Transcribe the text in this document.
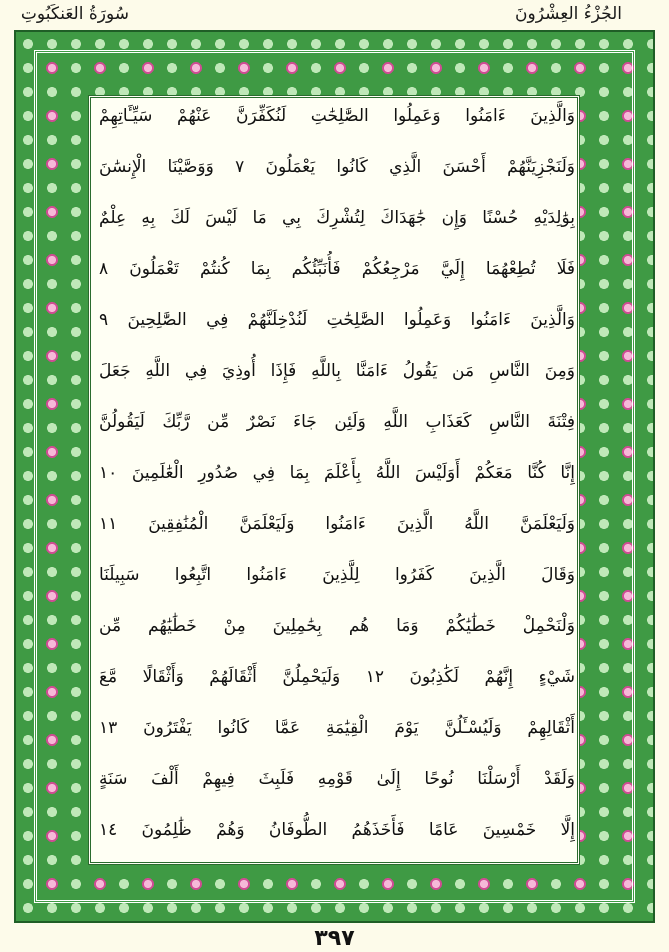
الجُزْءُ العِشْرُونَ
سُورَةُ العَنكَبُوتِ
وَالَّذِينَ ءَامَنُوا وَعَمِلُوا الصَّٰلِحَٰتِ لَنُكَفِّرَنَّ عَنْهُمْ سَيِّـَٔاتِهِمْ
وَلَنَجْزِيَنَّهُمْ أَحْسَنَ الَّذِي كَانُوا يَعْمَلُونَ ٧ وَوَصَّيْنَا الْإِنسَٰنَ
بِوَٰلِدَيْهِ حُسْنًا وَإِن جَٰهَدَاكَ لِتُشْرِكَ بِي مَا لَيْسَ لَكَ بِهِ عِلْمٌ
فَلَا تُطِعْهُمَا إِلَيَّ مَرْجِعُكُمْ فَأُنَبِّئُكُم بِمَا كُنتُمْ تَعْمَلُونَ ٨
وَالَّذِينَ ءَامَنُوا وَعَمِلُوا الصَّٰلِحَٰتِ لَنُدْخِلَنَّهُمْ فِي الصَّٰلِحِينَ ٩
وَمِنَ النَّاسِ مَن يَقُولُ ءَامَنَّا بِاللَّهِ فَإِذَا أُوذِيَ فِي اللَّهِ جَعَلَ
فِتْنَةَ النَّاسِ كَعَذَابِ اللَّهِ وَلَئِن جَاءَ نَصْرٌ مِّن رَّبِّكَ لَيَقُولُنَّ
إِنَّا كُنَّا مَعَكُمْ أَوَلَيْسَ اللَّهُ بِأَعْلَمَ بِمَا فِي صُدُورِ الْعَٰلَمِينَ ١٠
وَلَيَعْلَمَنَّ اللَّهُ الَّذِينَ ءَامَنُوا وَلَيَعْلَمَنَّ الْمُنَٰفِقِينَ ١١
وَقَالَ الَّذِينَ كَفَرُوا لِلَّذِينَ ءَامَنُوا اتَّبِعُوا سَبِيلَنَا
وَلْنَحْمِلْ خَطَٰيَٰكُمْ وَمَا هُم بِحَٰمِلِينَ مِنْ خَطَٰيَٰهُم مِّن
شَيْءٍ إِنَّهُمْ لَكَٰذِبُونَ ١٢ وَلَيَحْمِلُنَّ أَثْقَالَهُمْ وَأَثْقَالًا مَّعَ
أَثْقَالِهِمْ وَلَيُسْـَٔلُنَّ يَوْمَ الْقِيَٰمَةِ عَمَّا كَانُوا يَفْتَرُونَ ١٣
وَلَقَدْ أَرْسَلْنَا نُوحًا إِلَىٰ قَوْمِهِ فَلَبِثَ فِيهِمْ أَلْفَ سَنَةٍ
إِلَّا خَمْسِينَ عَامًا فَأَخَذَهُمُ الطُّوفَانُ وَهُمْ ظَٰلِمُونَ ١٤
٣٩٧
